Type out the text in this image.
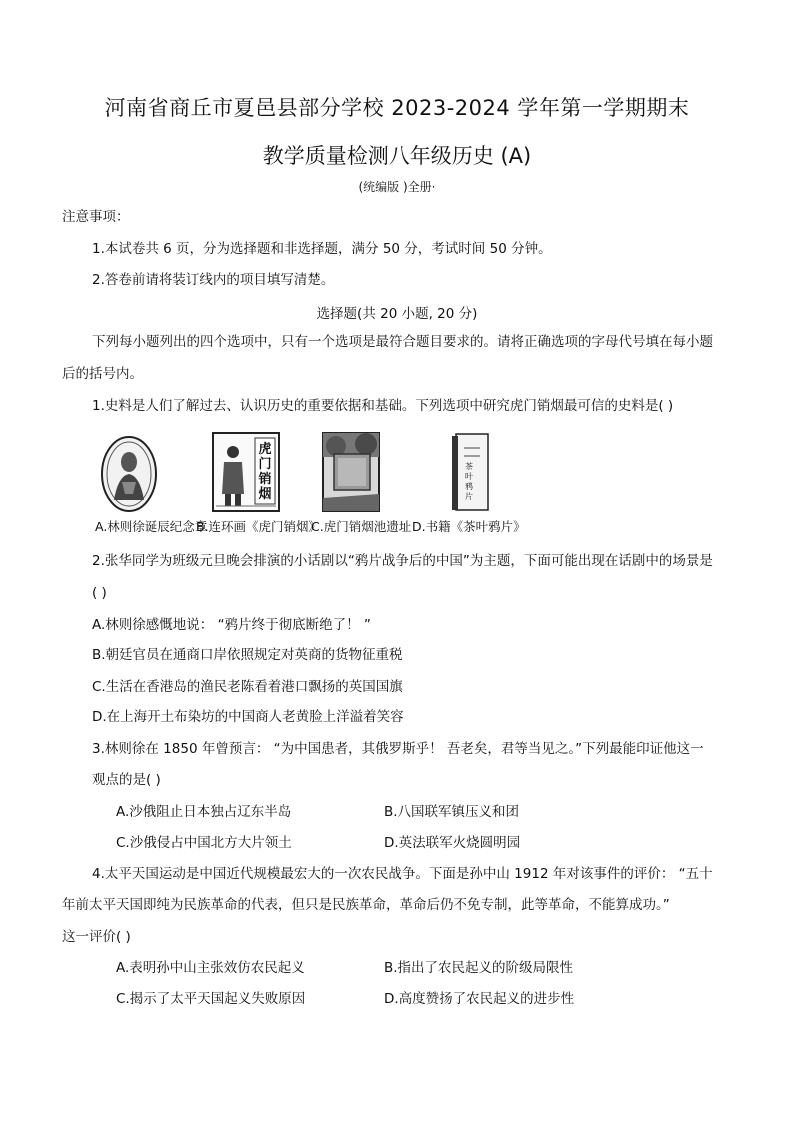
河南省商丘市夏邑县部分学校 2023-2024 学年第一学期期末
教学质量检测八年级历史 (A)
(统编版 )全册·
注意事项：
1.本试卷共 6 页，分为选择题和非选择题，满分 50 分，考试时间 50 分钟。
2.答卷前请将装订线内的项目填写清楚。
选择题(共 20 小题, 20 分)
下列每小题列出的四个选项中，只有一个选项是最符合题目要求的。请将正确选项的字母代号填在每小题
后的括号内。
1.史料是人们了解过去、认识历史的重要依据和基础。下列选项中研究虎门销烟最可信的史料是( )
虎门销烟
茶叶鸦片
A.林则徐诞辰纪念章
B.连环画《虎门销烟》
C.虎门销烟池遗址 D.书籍《茶叶鸦片》
2.张华同学为班级元旦晚会排演的小话剧以“鸦片战争后的中国”为主题，下面可能出现在话剧中的场景是
( )
A.林则徐感慨地说： “鸦片终于彻底断绝了！ ”
B.朝廷官员在通商口岸依照规定对英商的货物征重税
C.生活在香港岛的渔民老陈看着港口飘扬的英国国旗
D.在上海开土布染坊的中国商人老黄脸上洋溢着笑容
3.林则徐在 1850 年曾预言： “为中国患者，其俄罗斯乎！ 吾老矣，君等当见之。”下列最能印证他这一
观点的是( )
A.沙俄阻止日本独占辽东半岛	B.八国联军镇压义和团
C.沙俄侵占中国北方大片领土	D.英法联军火烧圆明园
4.太平天国运动是中国近代规模最宏大的一次农民战争。下面是孙中山 1912 年对该事件的评价： “五十
年前太平天国即纯为民族革命的代表，但只是民族革命，革命后仍不免专制，此等革命，不能算成功。”
这一评价( )
A.表明孙中山主张效仿农民起义	B.指出了农民起义的阶级局限性
C.揭示了太平天国起义失败原因	D.高度赞扬了农民起义的进步性
